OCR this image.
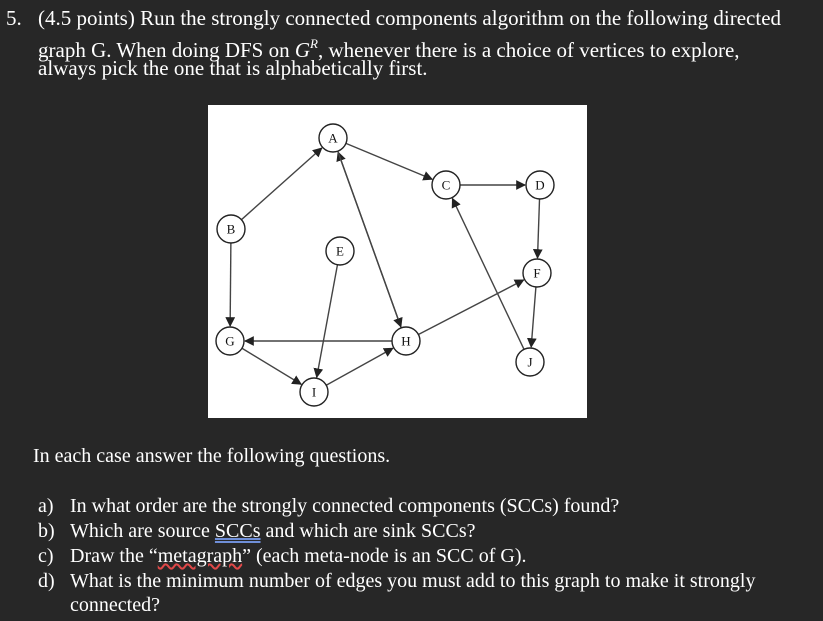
5. (4.5 points) Run the strongly connected components algorithm on the following directed
graph G. When doing DFS on $G^R$, whenever there is a choice of vertices to explore,
always pick the one that is alphabetically first.
A
B
C	D
E
F
G	H
I
J
In each case answer the following questions.
a) In what order are the strongly connected components (SCCs) found?
b) Which are source SCCs and which are sink SCCs?
c) Draw the “metagraph” (each meta-node is an SCC of G).
d) What is the minimum number of edges you must add to this graph to make it strongly
connected?
